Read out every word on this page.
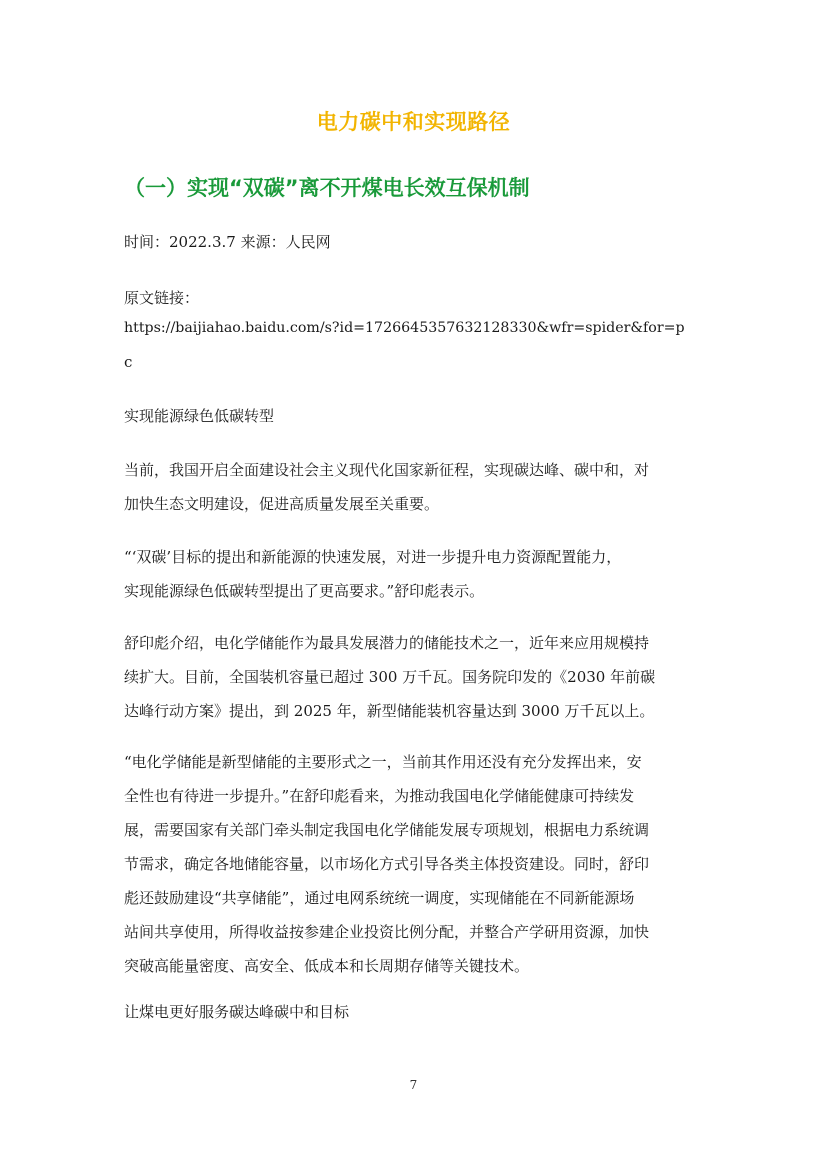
电力碳中和实现路径
（一）实现“双碳”离不开煤电长效互保机制
时间：2022.3.7 来源：人民网
原文链接：
https://baijiahao.baidu.com/s?id=1726645357632128330&wfr=spider&for=p
c
实现能源绿色低碳转型
当前，我国开启全面建设社会主义现代化国家新征程，实现碳达峰、碳中和，对
加快生态文明建设，促进高质量发展至关重要。
“‘双碳’目标的提出和新能源的快速发展，对进一步提升电力资源配置能力，
实现能源绿色低碳转型提出了更高要求。”舒印彪表示。
舒印彪介绍，电化学储能作为最具发展潜力的储能技术之一，近年来应用规模持
续扩大。目前，全国装机容量已超过 300 万千瓦。国务院印发的《2030 年前碳
达峰行动方案》提出，到 2025 年，新型储能装机容量达到 3000 万千瓦以上。
“电化学储能是新型储能的主要形式之一，当前其作用还没有充分发挥出来，安
全性也有待进一步提升。”在舒印彪看来，为推动我国电化学储能健康可持续发
展，需要国家有关部门牵头制定我国电化学储能发展专项规划，根据电力系统调
节需求，确定各地储能容量，以市场化方式引导各类主体投资建设。同时，舒印
彪还鼓励建设“共享储能”，通过电网系统统一调度，实现储能在不同新能源场
站间共享使用，所得收益按参建企业投资比例分配，并整合产学研用资源，加快
突破高能量密度、高安全、低成本和长周期存储等关键技术。
让煤电更好服务碳达峰碳中和目标
7
